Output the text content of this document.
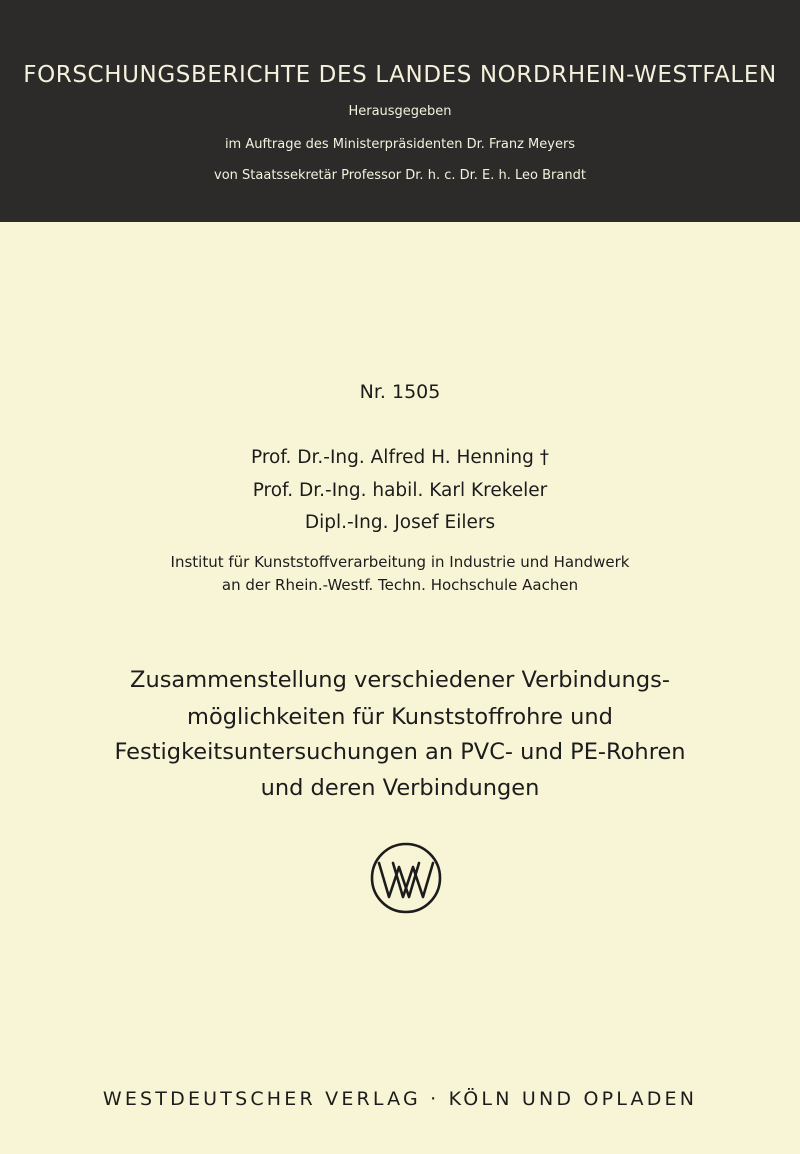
FORSCHUNGSBERICHTE DES LANDES NORDRHEIN-WESTFALEN
Herausgegeben
im Auftrage des Ministerpräsidenten Dr. Franz Meyers
von Staatssekretär Professor Dr. h. c. Dr. E. h. Leo Brandt
Nr. 1505
Prof. Dr.-Ing. Alfred H. Henning †
Prof. Dr.-Ing. habil. Karl Krekeler
Dipl.-Ing. Josef Eilers
Institut für Kunststoffverarbeitung in Industrie und Handwerk
an der Rhein.-Westf. Techn. Hochschule Aachen
Zusammenstellung verschiedener Verbindungs-
möglichkeiten für Kunststoffrohre und
Festigkeitsuntersuchungen an PVC- und PE-Rohren
und deren Verbindungen
WESTDEUTSCHER VERLAG · KÖLN UND OPLADEN
